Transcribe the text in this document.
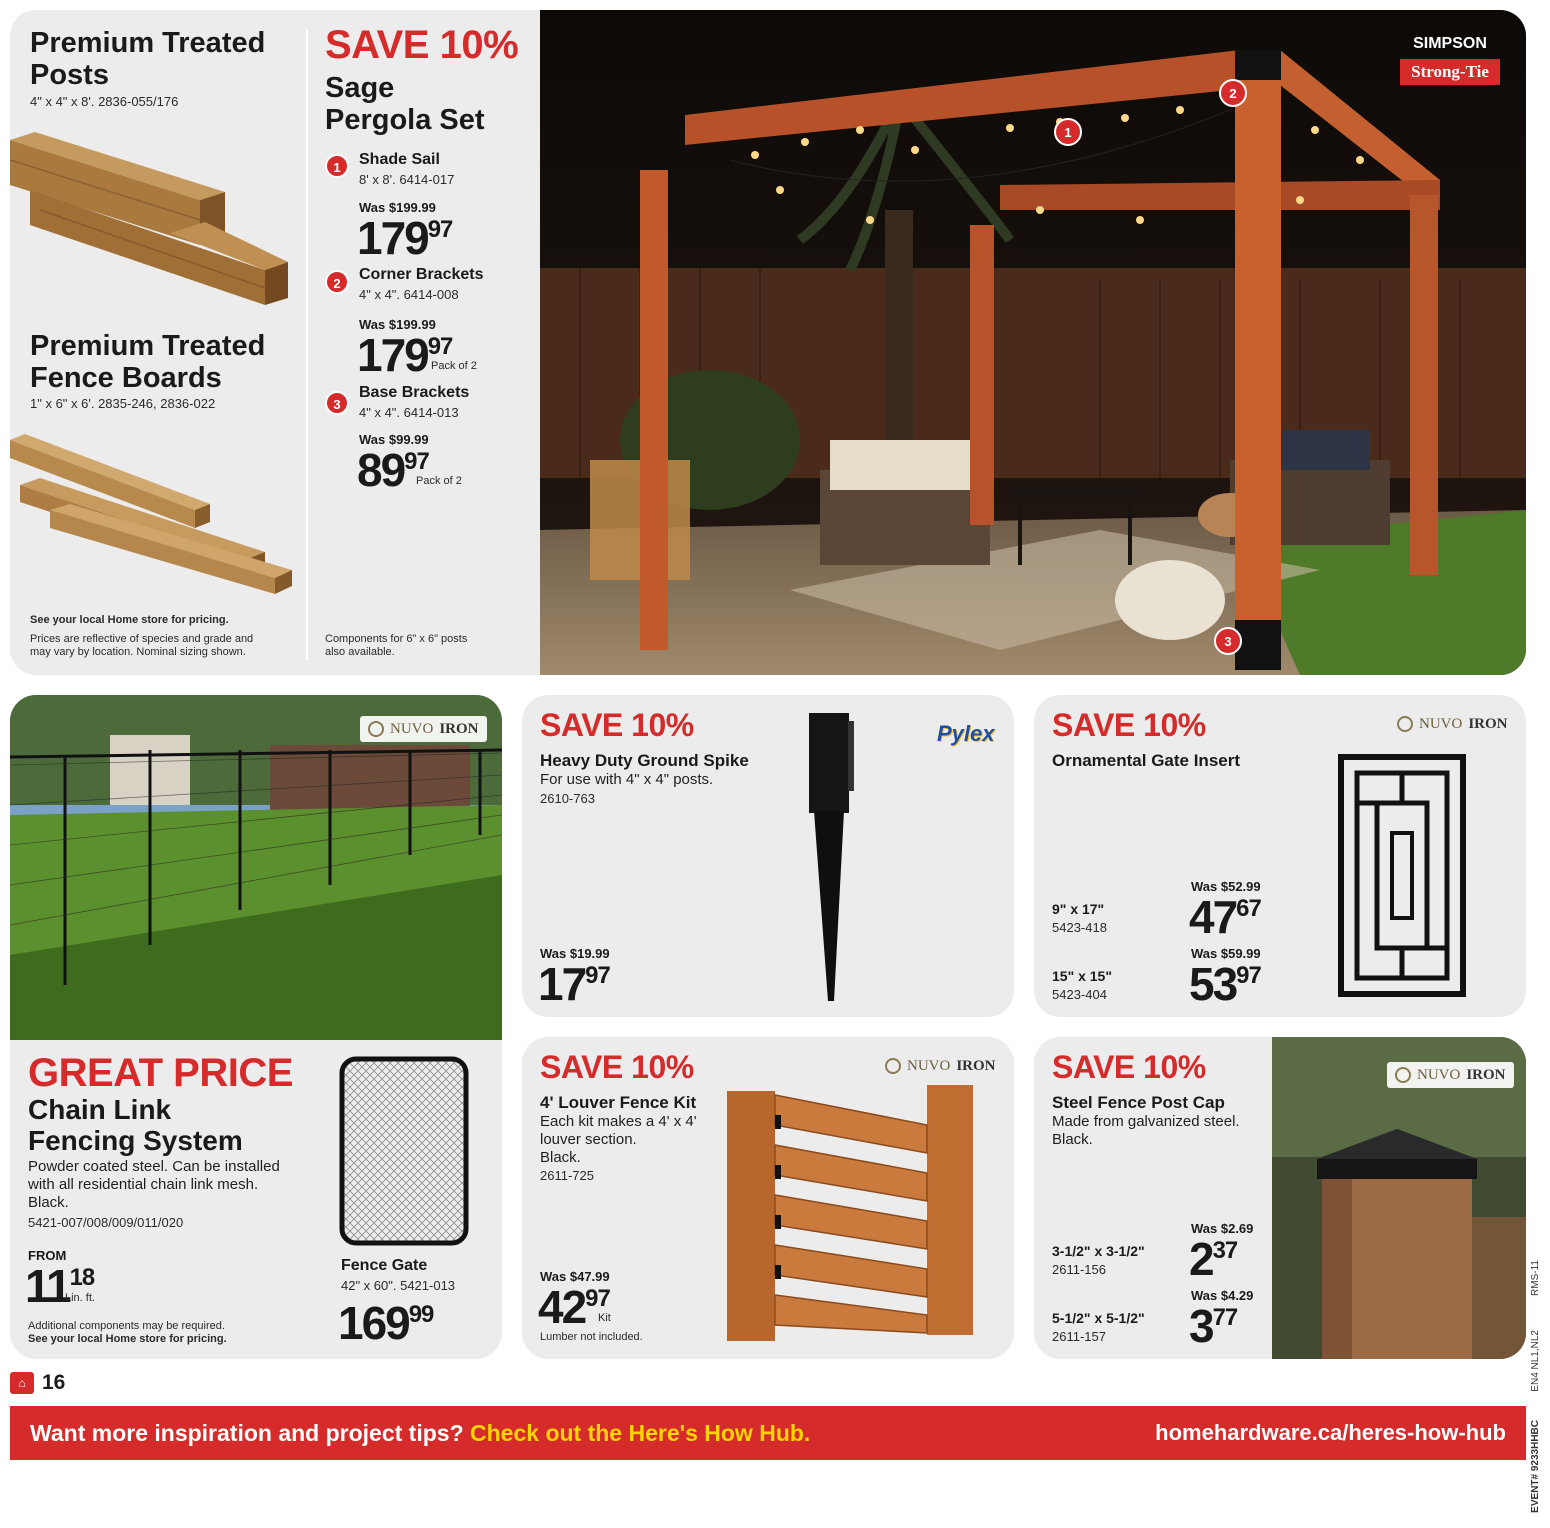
Premium Treated
Posts
4" x 4" x 8'. 2836-055/176
Premium Treated
Fence Boards
1" x 6" x 6'. 2835-246, 2836-022
See your local Home store for pricing.
Prices are reflective of species and grade and
may vary by location. Nominal sizing shown.
SAVE 10%
Sage
Pergola Set
1	Shade Sail
8' x 8'. 6414-017
Was $199.99
$179^{97}$
2
Corner Brackets
4" x 4". 6414-008
Was $199.99
$179^{97}$
Pack of 2
3
Base Brackets
4" x 4". 6414-013
Was $99.99
$89^{97}$
Pack of 2
Components for 6" x 6" posts
also available.
1
2
3
SIMPSON
Strong-Tie
NUVO IRON
GREAT PRICE
Chain Link
Fencing System
Powder coated steel. Can be installed
with all residential chain link mesh.
Black.
5421-007/008/009/011/020
FROM
$11^{18}$
Lin. ft.
Additional components may be required.
See your local Home store for pricing.
Fence Gate
42" x 60". 5421-013
$169^{99}$
SAVE 10%
Heavy Duty Ground Spike
For use with 4" x 4" posts.
2610-763
Was $19.99
$17^{97}$
Pylex SAVE 10%
Ornamental Gate Insert
NUVO IRON
9" x 17"
5423-418
Was $52.99
$47^{67}$
15" x 15"
5423-404
Was $59.99
$53^{97}$
SAVE 10%
4' Louver Fence Kit
Each kit makes a 4' x 4'
louver section.
Black.
2611-725
Was $47.99
$42^{97}$
Kit
Lumber not included.
NUVO IRON SAVE 10%
Steel Fence Post Cap
Made from galvanized steel.
Black.
3-1/2" x 3-1/2"
2611-156
Was $2.69
$2^{37}$
5-1/2" x 5-1/2"
2611-157
Was $4.29
$3^{77}$
NUVO IRON
⌂ 16
Want more inspiration and project tips? Check out the Here's How Hub.	homehardware.ca/heres-how-hub
RMS-11
EN4 NL1,NL2
EVENT# 9233HHBC
